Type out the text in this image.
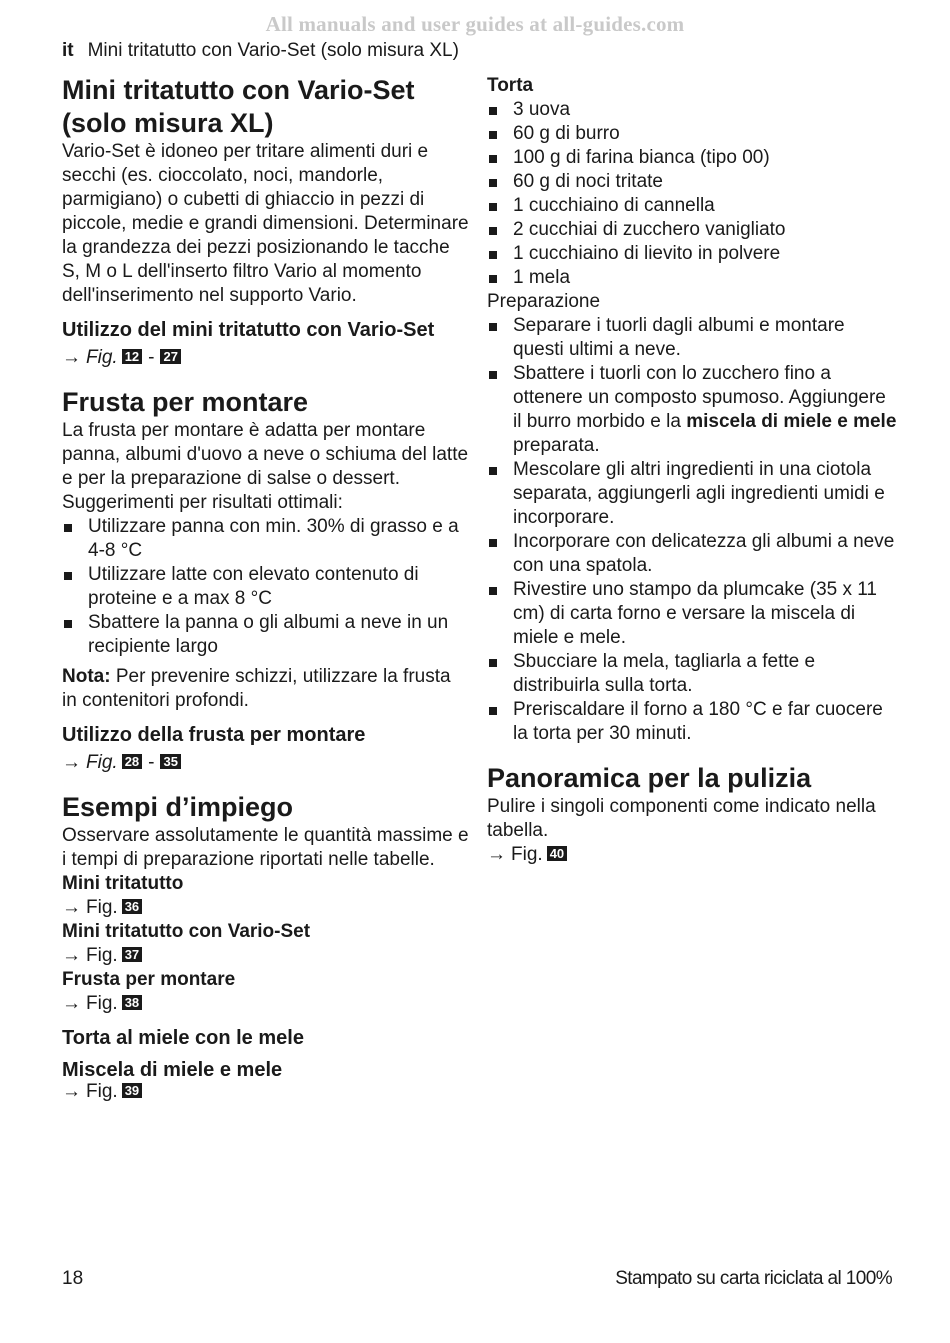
All manuals and user guides at all-guides.com
it Mini tritatutto con Vario-Set (solo misura XL)
Mini tritatutto con Vario-Set (solo misura XL)

Vario-Set è idoneo per tritare alimenti duri e secchi (es. cioccolato, noci, mandorle, parmigiano) o cubetti di ghiaccio in pezzi di piccole, medie e grandi dimensioni. Determinare la grandezza dei pezzi posizionando le tacche S, M o L dell'inserto filtro Vario al momento dell'inserimento nel supporto Vario.

Utilizzo del mini tritatutto con Vario-Set

→ Fig. 12 - 27

Frusta per montare

La frusta per montare è adatta per montare panna, albumi d'uovo a neve o schiuma del latte e per la preparazione di salse o dessert.

Suggerimenti per risultati ottimali:

Utilizzare panna con min. 30% di grasso e a 4-8 °C
Utilizzare latte con elevato contenuto di proteine e a max 8 °C
Sbattere la panna o gli albumi a neve in un recipiente largo

Nota: Per prevenire schizzi, utilizzare la frusta in contenitori profondi.

Utilizzo della frusta per montare

→ Fig. 28 - 35

Esempi d’impiego

Osservare assolutamente le quantità massime e i tempi di preparazione riportati nelle tabelle.

Mini tritatutto

→ Fig. 36

Mini tritatutto con Vario-Set

→ Fig. 37

Frusta per montare

→ Fig. 38

Torta al miele con le mele
Miscela di miele e mele

→ Fig. 39

Torta
3 uova
60 g di burro
100 g di farina bianca (tipo 00)
60 g di noci tritate
1 cucchiaino di cannella
2 cucchiai di zucchero vanigliato
1 cucchiaino di lievito in polvere
1 mela

Preparazione

Separare i tuorli dagli albumi e montare questi ultimi a neve.
Sbattere i tuorli con lo zucchero fino a ottenere un composto spumoso. Aggiungere il burro morbido e la miscela di miele e mele preparata.
Mescolare gli altri ingredienti in una ciotola separata, aggiungerli agli ingredienti umidi e incorporare.
Incorporare con delicatezza gli albumi a neve con una spatola.
Rivestire uno stampo da plumcake (35 x 11 cm) di carta forno e versare la miscela di miele e mele.
Sbucciare la mela, tagliarla a fette e distribuirla sulla torta.
Preriscaldare il forno a 180 °C e far cuocere la torta per 30 minuti.
Panoramica per la pulizia

Pulire i singoli componenti come indicato nella tabella.

→ Fig. 40

18	Stampato su carta riciclata al 100%
